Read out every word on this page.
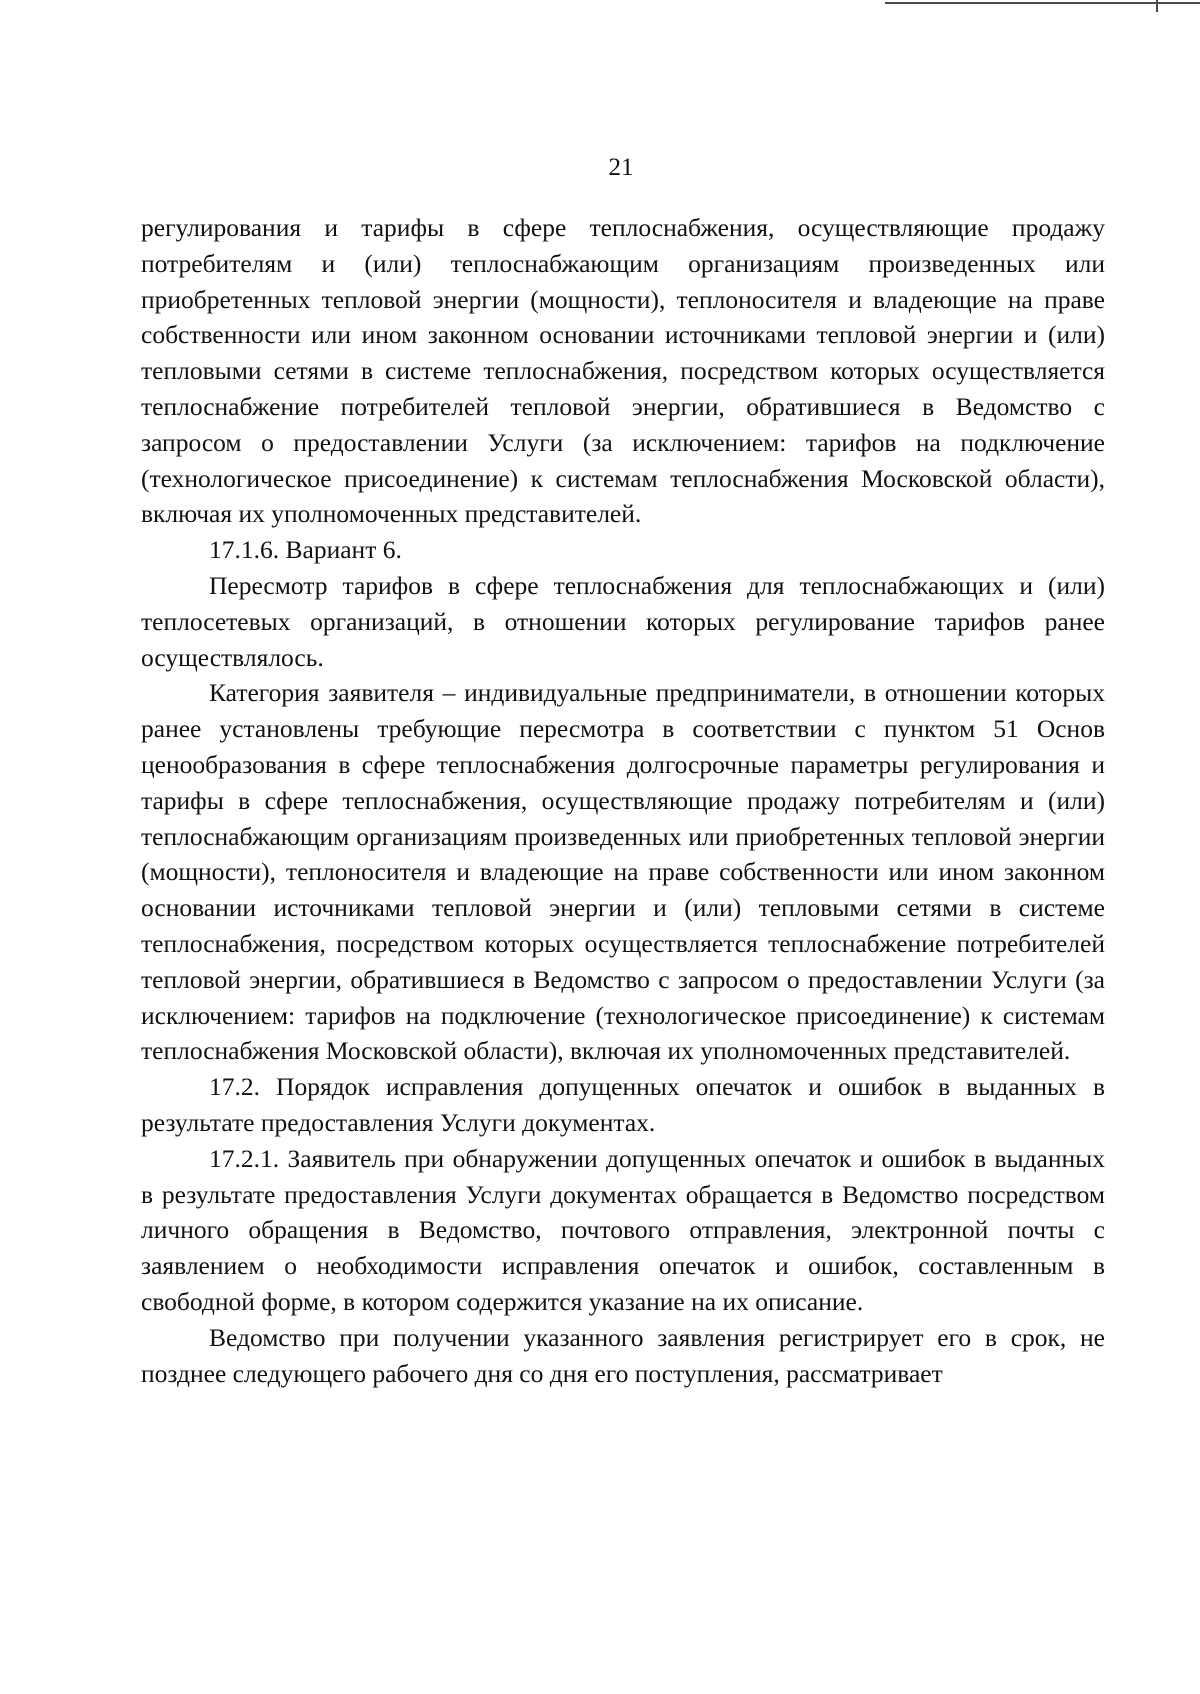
21

регулирования и тарифы в сфере теплоснабжения, осуществляющие продажу потребителям и (или) теплоснабжающим организациям произведенных или приобретенных тепловой энергии (мощности), теплоносителя и владеющие на праве собственности или ином законном основании источниками тепловой энергии и (или) тепловыми сетями в системе теплоснабжения, посредством которых осуществляется теплоснабжение потребителей тепловой энергии, обратившиеся в Ведомство с запросом о предоставлении Услуги (за исключением: тарифов на подключение (технологическое присоединение) к системам теплоснабжения Московской области), включая их уполномоченных представителей.

17.1.6. Вариант 6.

Пересмотр тарифов в сфере теплоснабжения для теплоснабжающих и (или) теплосетевых организаций, в отношении которых регулирование тарифов ранее осуществлялось.

Категория заявителя – индивидуальные предприниматели, в отношении которых ранее установлены требующие пересмотра в соответствии с пунктом 51 Основ ценообразования в сфере теплоснабжения долгосрочные параметры регулирования и тарифы в сфере теплоснабжения, осуществляющие продажу потребителям и (или) теплоснабжающим организациям произведенных или приобретенных тепловой энергии (мощности), теплоносителя и владеющие на праве собственности или ином законном основании источниками тепловой энергии и (или) тепловыми сетями в системе теплоснабжения, посредством которых осуществляется теплоснабжение потребителей тепловой энергии, обратившиеся в Ведомство с запросом о предоставлении Услуги (за исключением: тарифов на подключение (технологическое присоединение) к системам теплоснабжения Московской области), включая их уполномоченных представителей.

17.2. Порядок исправления допущенных опечаток и ошибок в выданных в результате предоставления Услуги документах.

17.2.1. Заявитель при обнаружении допущенных опечаток и ошибок в выданных в результате предоставления Услуги документах обращается в Ведомство посредством личного обращения в Ведомство, почтового отправления, электронной почты с заявлением о необходимости исправления опечаток и ошибок, составленным в свободной форме, в котором содержится указание на их описание.

Ведомство при получении указанного заявления регистрирует его в срок, не позднее следующего рабочего дня со дня его поступления, рассматривает
